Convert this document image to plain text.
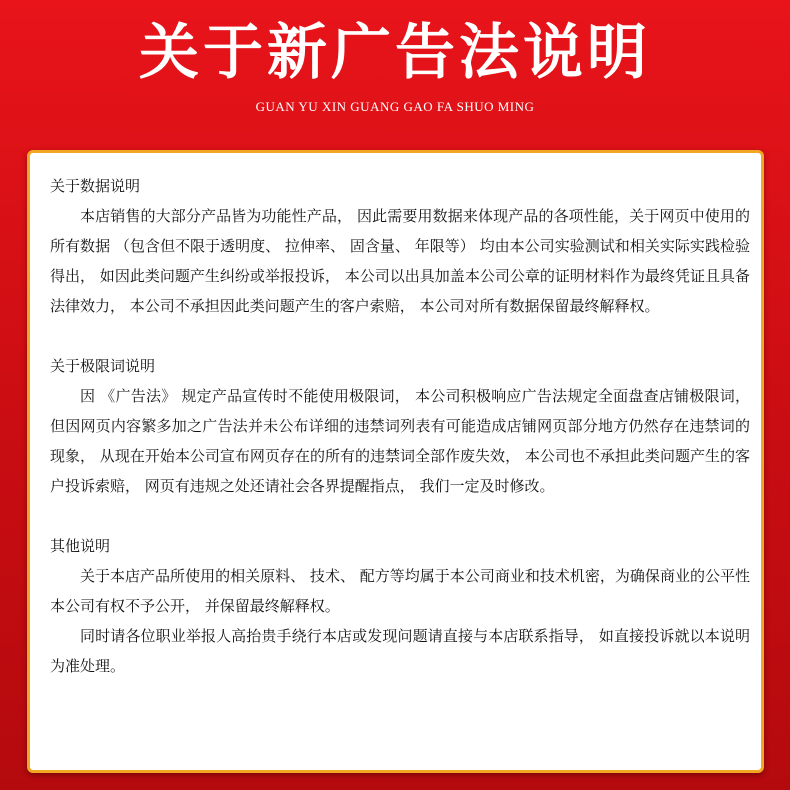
关于新广告法说明
GUAN YU XIN GUANG GAO FA SHUO MING
关于数据说明
本店销售的大部分产品皆为功能性产品， 因此需要用数据来体现产品的各项性能，关于网页中使用的所有数据 （包含但不限于透明度、 拉伸率、 固含量、 年限等） 均由本公司实验测试和相关实际实践检验得出， 如因此类问题产生纠纷或举报投诉， 本公司以出具加盖本公司公章的证明材料作为最终凭证且具备法律效力， 本公司不承担因此类问题产生的客户索赔， 本公司对所有数据保留最终解释权。
关于极限词说明
因 《广告法》 规定产品宣传时不能使用极限词， 本公司积极响应广告法规定全面盘查店铺极限词， 但因网页内容繁多加之广告法并未公布详细的违禁词列表有可能造成店铺网页部分地方仍然存在违禁词的现象， 从现在开始本公司宣布网页存在的所有的违禁词全部作废失效， 本公司也不承担此类问题产生的客户投诉索赔， 网页有违规之处还请社会各界提醒指点， 我们一定及时修改。
其他说明
关于本店产品所使用的相关原料、 技术、 配方等均属于本公司商业和技术机密，为确保商业的公平性本公司有权不予公开， 并保留最终解释权。
同时请各位职业举报人高抬贵手绕行本店或发现问题请直接与本店联系指导， 如直接投诉就以本说明为准处理。
